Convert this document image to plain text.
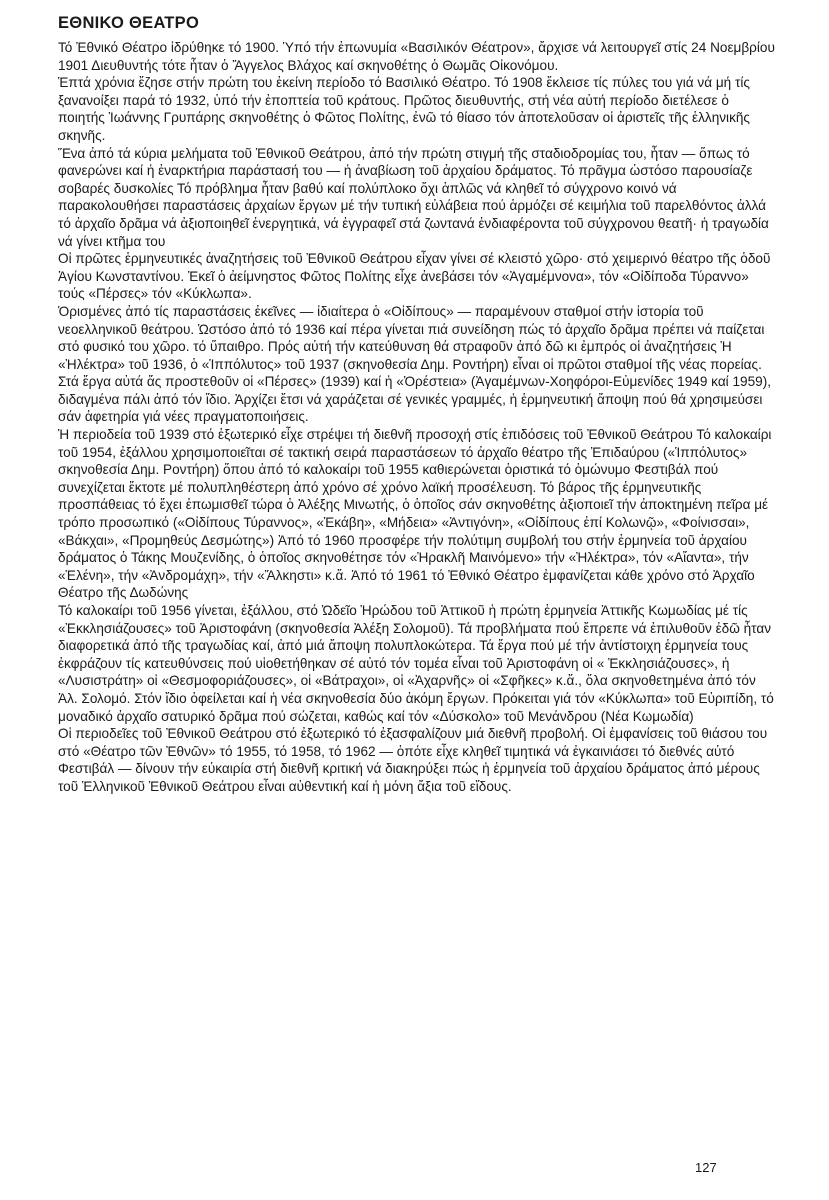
ΕΘΝΙΚΟ ΘΕΑΤΡΟ

Τό Ἐθνικό Θέατρο ἱδρύθηκε τό 1900. Ὑπό τήν ἐπωνυμία «Βασιλικόν Θέατρον», ἄρχισε νά λειτουργεῖ στίς 24 Νοεμβρίου 1901 Διευθυντής τότε ἦταν ὁ Ἄγγελος Βλάχος καί σκηνοθέτης ὁ Θωμᾶς Οἰκονόμου.

Ἑπτά χρόνια ἔζησε στήν πρώτη του ἐκείνη περίοδο τό Βασιλικό Θέατρο. Τό 1908 ἔκλεισε τίς πύλες του γιά νά μή τίς ξανανοίξει παρά τό 1932, ὑπό τήν ἐποπτεία τοῦ κράτους. Πρῶτος διευθυντής, στή νέα αὐτή περίοδο διετέλεσε ὁ ποιητής Ἰωάννης Γρυπάρης σκηνοθέτης ὁ Φῶτος Πολίτης, ἐνῶ τό θίασο τόν ἀποτελοῦσαν οἱ ἀριστεῖς τῆς ἑλληνικῆς σκηνῆς.

Ἕνα ἀπό τά κύρια μελήματα τοῦ Ἐθνικοῦ Θεάτρου, ἀπό τήν πρώτη στιγμή τῆς σταδιοδρομίας του, ἦταν — ὅπως τό φανερώνει καί ἡ ἐναρκτήρια παράστασή του — ἡ ἀναβίωση τοῦ ἀρχαίου δράματος. Τό πρᾶγμα ὡστόσο παρουσίαζε σοβαρές δυσκολίες Τό πρόβλημα ἦταν βαθύ καί πολύπλοκο ὄχι ἁπλῶς νά κληθεῖ τό σύγχρονο κοινό νά παρακολουθήσει παραστάσεις ἀρχαίων ἔργων μέ τήν τυπική εὐλάβεια πού ἁρμόζει σέ κειμήλια τοῦ παρελθόντος ἀλλά τό ἀρχαῖο δρᾶμα νά ἀξιοποιηθεῖ ἐνεργητικά, νά ἐγγραφεῖ στά ζωντανά ἐνδιαφέροντα τοῦ σύγχρονου θεατῆ· ἡ τραγωδία νά γίνει κτῆμα του

Οἱ πρῶτες ἑρμηνευτικές ἀναζητήσεις τοῦ Ἐθνικοῦ Θεάτρου εἶχαν γίνει σέ κλειστό χῶρο· στό χειμερινό θέατρο τῆς ὁδοῦ Ἁγίου Κωνσταντίνου. Ἐκεῖ ὁ ἀείμνηστος Φῶτος Πολίτης εἶχε ἀνεβάσει τόν «Ἀγαμέμνονα», τόν «Οἰδίποδα Τύραννο» τούς «Πέρσες» τόν «Κύκλωπα».

Ὁρισμένες ἀπό τίς παραστάσεις ἐκεῖνες — ἰδιαίτερα ὁ «Οἰδίπους» — παραμένουν σταθμοί στήν ἱστορία τοῦ νεοελληνικοῦ θεάτρου. Ὡστόσο ἀπό τό 1936 καί πέρα γίνεται πιά συνείδηση πώς τό ἀρχαῖο δρᾶμα πρέπει νά παίζεται στό φυσικό του χῶρο. τό ὕπαιθρο. Πρός αὐτή τήν κατεύθυνση θά στραφοῦν ἀπό δῶ κι ἐμπρός οἱ ἀναζητήσεις Ἡ «Ἠλέκτρα» τοῦ 1936, ὁ «Ἱππόλυτος» τοῦ 1937 (σκηνοθεσία Δημ. Ροντήρη) εἶναι οἱ πρῶτοι σταθμοί τῆς νέας πορείας. Στά ἔργα αὐτά ἄς προστεθοῦν οἱ «Πέρσες» (1939) καί ἡ «Ὀρέστεια» (Ἀγαμέμνων-Χοηφόροι-Εὐμενίδες 1949 καί 1959), διδαγμένα πάλι ἀπό τόν ἴδιο. Ἀρχίζει ἔτσι νά χαράζεται σέ γενικές γραμμές, ἡ ἑρμηνευτική ἄποψη πού θά χρησιμεύσει σάν ἀφετηρία γιά νέες πραγματοποιήσεις.

Ἡ περιοδεία τοῦ 1939 στό ἐξωτερικό εἶχε στρέψει τή διεθνῆ προσοχή στίς ἐπιδόσεις τοῦ Ἐθνικοῦ Θεάτρου Τό καλοκαίρι τοῦ 1954, ἐξάλλου χρησιμοποιεῖται σέ τακτική σειρά παραστάσεων τό ἀρχαῖο θέατρο τῆς Ἐπιδαύρου («Ἱππόλυτος» σκηνοθεσία Δημ. Ροντήρη) ὅπου ἀπό τό καλοκαίρι τοῦ 1955 καθιερώνεται ὁριστικά τό ὁμώνυμο Φεστιβάλ πού συνεχίζεται ἔκτοτε μέ πολυπληθέστερη ἀπό χρόνο σέ χρόνο λαϊκή προσέλευση. Τό βάρος τῆς ἑρμηνευτικῆς προσπάθειας τό ἔχει ἐπωμισθεῖ τώρα ὁ Ἀλέξης Μινωτής, ὁ ὁποῖος σάν σκηνοθέτης ἀξιοποιεῖ τήν ἀποκτημένη πεῖρα μέ τρόπο προσωπικό («Οἰδίπους Τύραννος», «Ἑκάβη», «Μήδεια» «Ἀντιγόνη», «Οἰδίπους ἐπί Κολωνῷ», «Φοίνισσαι», «Βάκχαι», «Προμηθεύς Δεσμώτης») Ἀπό τό 1960 προσφέρε τήν πολύτιμη συμβολή του στήν ἑρμηνεία τοῦ ἀρχαίου δράματος ὁ Τάκης Μουζενίδης, ὁ ὁποῖος σκηνοθέτησε τόν «Ἡρακλῆ Μαινόμενο» τήν «Ἠλέκτρα», τόν «Αἴαντα», τήν «Ἑλένη», τήν «Ἀνδρομάχη», τήν «Ἄλκηστι» κ.ἄ. Ἀπό τό 1961 τό Ἐθνικό Θέατρο ἐμφανίζεται κάθε χρόνο στό Ἀρχαῖο Θέατρο τῆς Δωδώνης

Τό καλοκαίρι τοῦ 1956 γίνεται, ἐξάλλου, στό Ὠδεῖο Ἡρώδου τοῦ Ἀττικοῦ ἡ πρώτη ἑρμηνεία Ἀττικῆς Κωμωδίας μέ τίς «Ἐκκλησιάζουσες» τοῦ Ἀριστοφάνη (σκηνοθεσία Ἀλέξη Σολομοῦ). Τά προβλήματα πού ἔπρεπε νά ἐπιλυθοῦν ἐδῶ ἦταν διαφορετικά ἀπό τῆς τραγωδίας καί, ἀπό μιά ἄποψη πολυπλοκώτερα. Τά ἔργα πού μέ τήν ἀντίστοιχη ἑρμηνεία τους ἐκφράζουν τίς κατευθύνσεις πού υἱοθετήθηκαν σέ αὐτό τόν τομέα εἶναι τοῦ Ἀριστοφάνη οἱ « Ἐκκλησιάζουσες», ἡ «Λυσιστράτη» οἱ «Θεσμοφοριάζουσες», οἱ «Βάτραχοι», οἱ «Ἀχαρνῆς» οἱ «Σφῆκες» κ.ἄ., ὅλα σκηνοθετημένα ἀπό τόν Ἀλ. Σολομό. Στόν ἴδιο ὀφείλεται καί ἡ νέα σκηνοθεσία δύο ἀκόμη ἔργων. Πρόκειται γιά τόν «Κύκλωπα» τοῦ Εὐριπίδη, τό μοναδικό ἀρχαῖο σατυρικό δρᾶμα πού σώζεται, καθώς καί τόν «Δύσκολο» τοῦ Μενάνδρου (Νέα Κωμωδία)

Οἱ περιοδεῖες τοῦ Ἐθνικοῦ Θεάτρου στό ἐξωτερικό τό ἐξασφαλίζουν μιά διεθνῆ προβολή. Οἱ ἐμφανίσεις τοῦ θιάσου του στό «Θέατρο τῶν Ἐθνῶν» τό 1955, τό 1958, τό 1962 — ὁπότε εἶχε κληθεῖ τιμητικά νά ἐγκαινιάσει τό διεθνές αὐτό Φεστιβάλ — δίνουν τήν εὐκαιρία στή διεθνῆ κριτική νά διακηρύξει πώς ἡ ἑρμηνεία τοῦ ἀρχαίου δράματος ἀπό μέρους τοῦ Ἑλληνικοῦ Ἐθνικοῦ Θεάτρου εἶναι αὐθεντική καί ἡ μόνη ἄξια τοῦ εἴδους.

127
